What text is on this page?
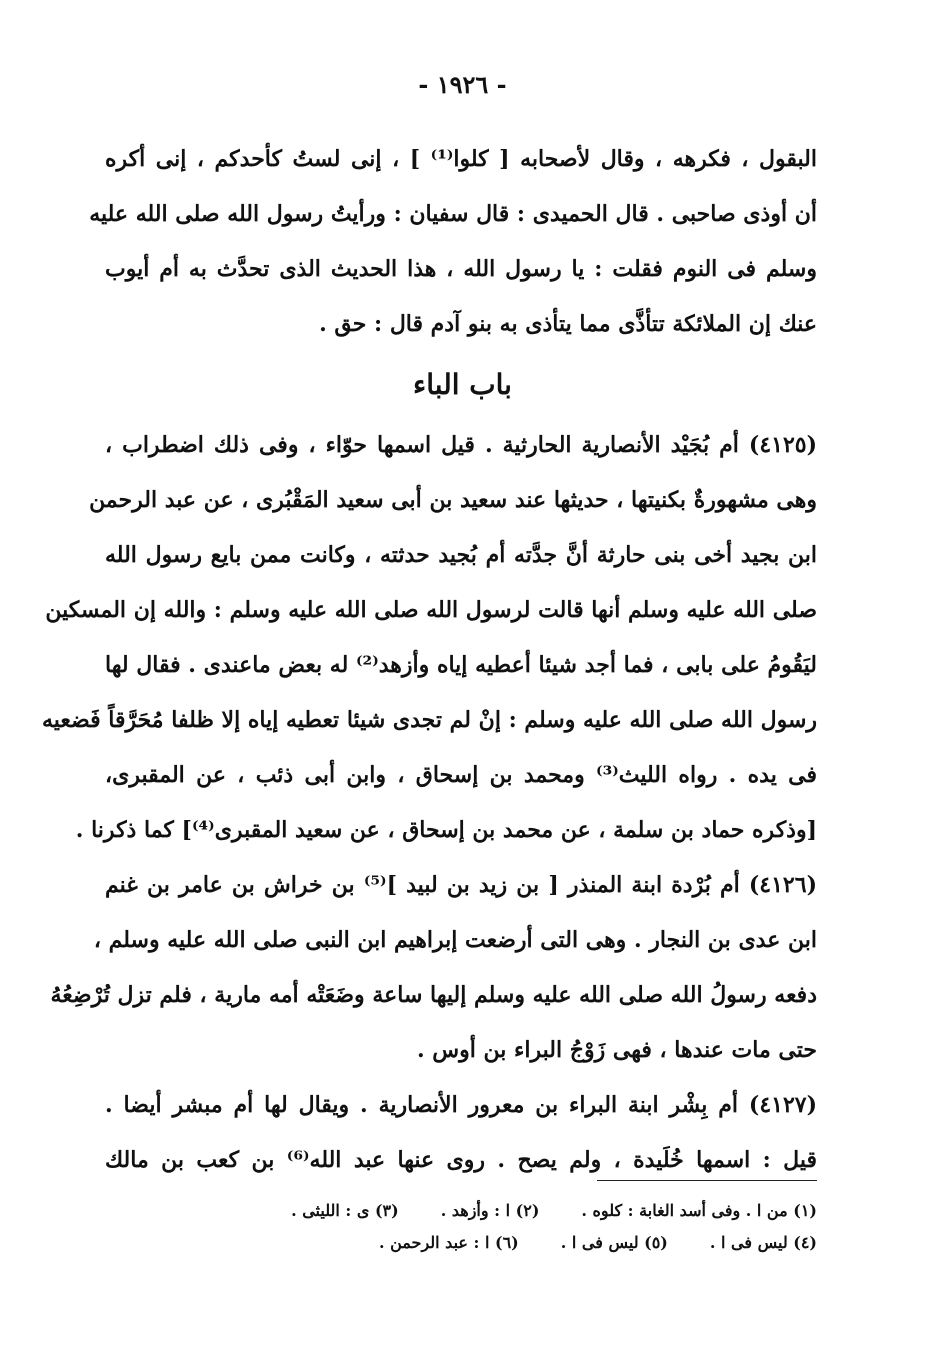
- ١٩٢٦ -
البقول ، فكرهه ، وقال لأصحابه [ كلوا⁽¹⁾ ] ، إنى لستُ كأحدكم ، إنى أكره
أن أوذى صاحبى . قال الحميدى : قال سفيان : ورأيتُ رسول الله صلى الله عليه
وسلم فى النوم فقلت : يا رسول الله ، هذا الحديث الذى تحدَّث به أم أيوب
عنك إن الملائكة تتأذَّى مما يتأذى به بنو آدم قال : حق .
باب الباء
(٤١٢٥) أم بُجَيْد الأنصارية الحارثية . قيل اسمها حوّاء ، وفى ذلك اضطراب ،
وهى مشهورةٌ بكنيتها ، حديثها عند سعيد بن أبى سعيد المَقْبُرى ، عن عبد الرحمن
ابن بجيد أخى بنى حارثة أنَّ جدَّته أم بُجيد حدثته ، وكانت ممن بايع رسول الله
صلى الله عليه وسلم أنها قالت لرسول الله صلى الله عليه وسلم : والله إن المسكين
ليَقُومُ على بابى ، فما أجد شيئا أعطيه إياه وأزهد⁽²⁾ له بعض ماعندى . فقال لها
رسول الله صلى الله عليه وسلم : إنْ لم تجدى شيئا تعطيه إياه إلا ظلفا مُحَرَّقاً فَضعيه
فى يده . رواه الليث⁽³⁾ ومحمد بن إسحاق ، وابن أبى ذئب ، عن المقبرى،
[وذكره حماد بن سلمة ، عن محمد بن إسحاق ، عن سعيد المقبرى⁽⁴⁾] كما ذكرنا .
(٤١٢٦) أم بُرْدة ابنة المنذر [ بن زيد بن لبيد ]⁽⁵⁾ بن خراش بن عامر بن غنم
ابن عدى بن النجار . وهى التى أرضعت إبراهيم ابن النبى صلى الله عليه وسلم ،
دفعه رسولُ الله صلى الله عليه وسلم إليها ساعة وضَعَتْه أمه مارية ، فلم تزل تُرْضِعُهُ
حتى مات عندها ، فهى زَوْجُ البراء بن أوس .
(٤١٢٧) أم بِشْر ابنة البراء بن معرور الأنصارية . ويقال لها أم مبشر أيضا .
قيل : اسمها خُلَيدة ، ولم يصح . روى عنها عبد الله⁽⁶⁾ بن كعب بن مالك
(١) من ا . وفى أسد الغابة : كلوه .
(٢) ا : وأزهد .
(٣) ى : الليثى .
(٤) ليس فى ا .
(٥) ليس فى ا .
(٦) ا : عبد الرحمن .
